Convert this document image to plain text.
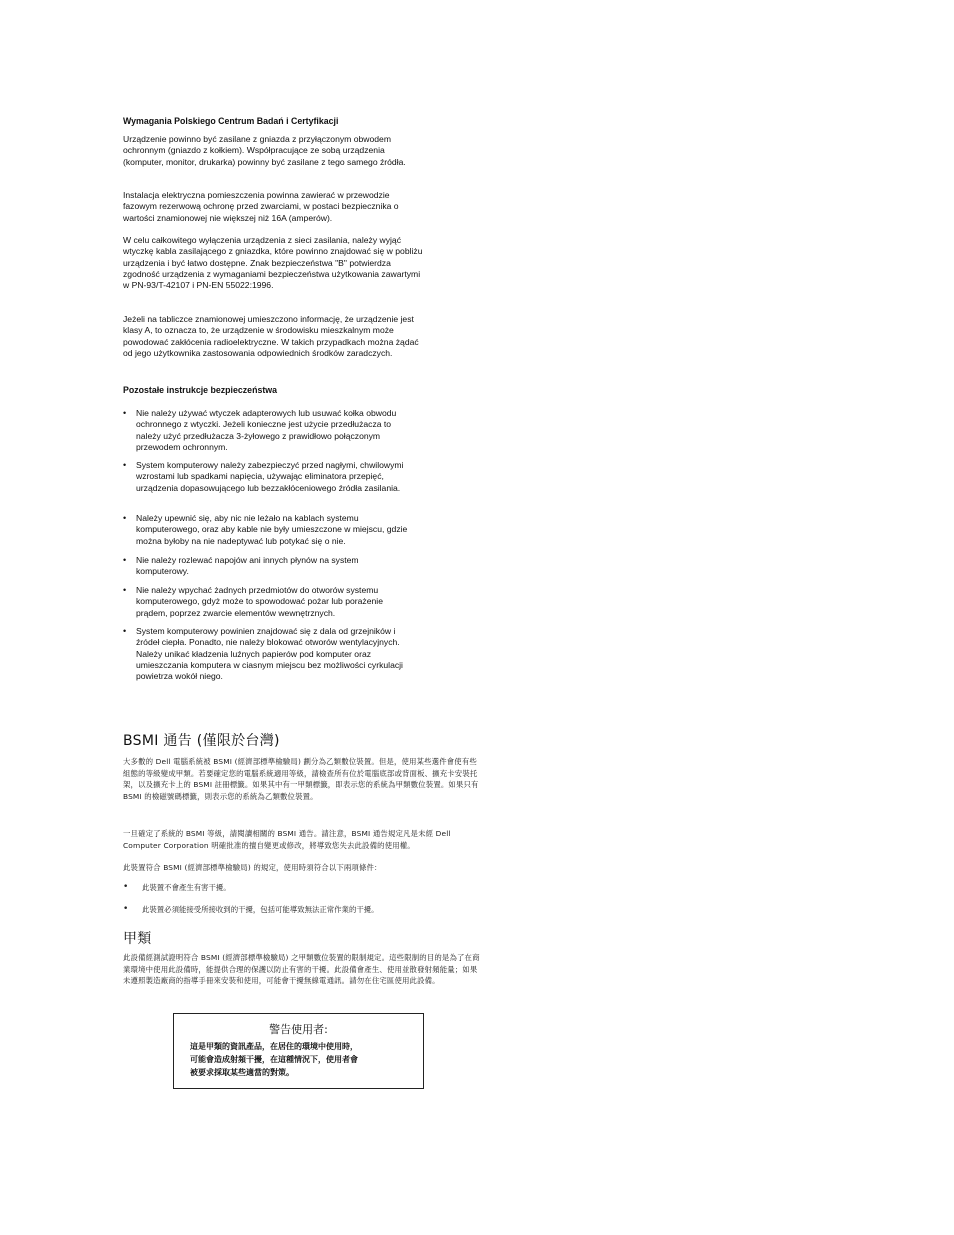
Wymagania Polskiego Centrum Badań i Certyfikacji

Urządzenie powinno być zasilane z gniazda z przyłączonym obwodem ochronnym (gniazdo z kołkiem). Współpracujące ze sobą urządzenia (komputer, monitor, drukarka) powinny być zasilane z tego samego źródła.

Instalacja elektryczna pomieszczenia powinna zawierać w przewodzie fazowym rezerwową ochronę przed zwarciami, w postaci bezpiecznika o wartości znamionowej nie większej niż 16A (amperów).

W celu całkowitego wyłączenia urządzenia z sieci zasilania, należy wyjąć wtyczkę kabla zasilającego z gniazdka, które powinno znajdować się w pobliżu urządzenia i być łatwo dostępne. Znak bezpieczeństwa "B" potwierdza zgodność urządzenia z wymaganiami bezpieczeństwa użytkowania zawartymi w PN-93/T-42107 i PN-EN 55022:1996.

Jeżeli na tabliczce znamionowej umieszczono informację, że urządzenie jest klasy A, to oznacza to, że urządzenie w środowisku mieszkalnym może powodować zakłócenia radioelektryczne. W takich przypadkach można żądać od jego użytkownika zastosowania odpowiednich środków zaradczych.

Pozostałe instrukcje bezpieczeństwa
• Nie należy używać wtyczek adapterowych lub usuwać kołka obwodu ochronnego z wtyczki. Jeżeli konieczne jest użycie przedłużacza to należy użyć przedłużacza 3-żyłowego z prawidłowo połączonym przewodem ochronnym.
• System komputerowy należy zabezpieczyć przed nagłymi, chwilowymi wzrostami lub spadkami napięcia, używając eliminatora przepięć, urządzenia dopasowującego lub bezzakłóceniowego źródła zasilania.
• Należy upewnić się, aby nic nie leżało na kablach systemu komputerowego, oraz aby kable nie były umieszczone w miejscu, gdzie można byłoby na nie nadeptywać lub potykać się o nie.
• Nie należy rozlewać napojów ani innych płynów na system komputerowy.
• Nie należy wpychać żadnych przedmiotów do otworów systemu komputerowego, gdyż może to spowodować pożar lub porażenie prądem, poprzez zwarcie elementów wewnętrznych.
• System komputerowy powinien znajdować się z dala od grzejników i źródeł ciepła. Ponadto, nie należy blokować otworów wentylacyjnych. Należy unikać kładzenia luźnych papierów pod komputer oraz umieszczania komputera w ciasnym miejscu bez możliwości cyrkulacji powietrza wokół niego.
BSMI 通告 (僅限於台灣)

大多數的 Dell 電腦系統被 BSMI (經濟部標準檢驗局) 劃分為乙類數位裝置。但是，使用某些選件會使有些組態的等級變成甲類。若要確定您的電腦系統適用等級，請檢查所有位於電腦底部或背面板、擴充卡安裝托架，以及擴充卡上的 BSMI 註冊標籤。如果其中有一甲類標籤，即表示您的系統為甲類數位裝置。如果只有 BSMI 的檢磁號碼標籤，則表示您的系統為乙類數位裝置。

一旦確定了系統的 BSMI 等級，請閱讀相關的 BSMI 通告。請注意，BSMI 通告規定凡是未經 Dell Computer Corporation 明確批准的擅自變更或修改，將導致您失去此設備的使用權。

此裝置符合 BSMI (經濟部標準檢驗局) 的規定，使用時須符合以下兩項條件：

• 此裝置不會產生有害干擾。
• 此裝置必須能接受所接收到的干擾，包括可能導致無法正常作業的干擾。
甲類

此設備經測試證明符合 BSMI (經濟部標準檢驗局) 之甲類數位裝置的限制規定。這些限制的目的是為了在商業環境中使用此設備時，能提供合理的保護以防止有害的干擾。此設備會產生、使用並散發射頻能量；如果未遵照製造廠商的指導手冊來安裝和使用，可能會干擾無線電通訊。請勿在住宅區使用此設備。

警告使用者:
這是甲類的資訊產品，在居住的環境中使用時，
可能會造成射頻干擾，在這種情況下，使用者會
被要求採取某些適當的對策。
